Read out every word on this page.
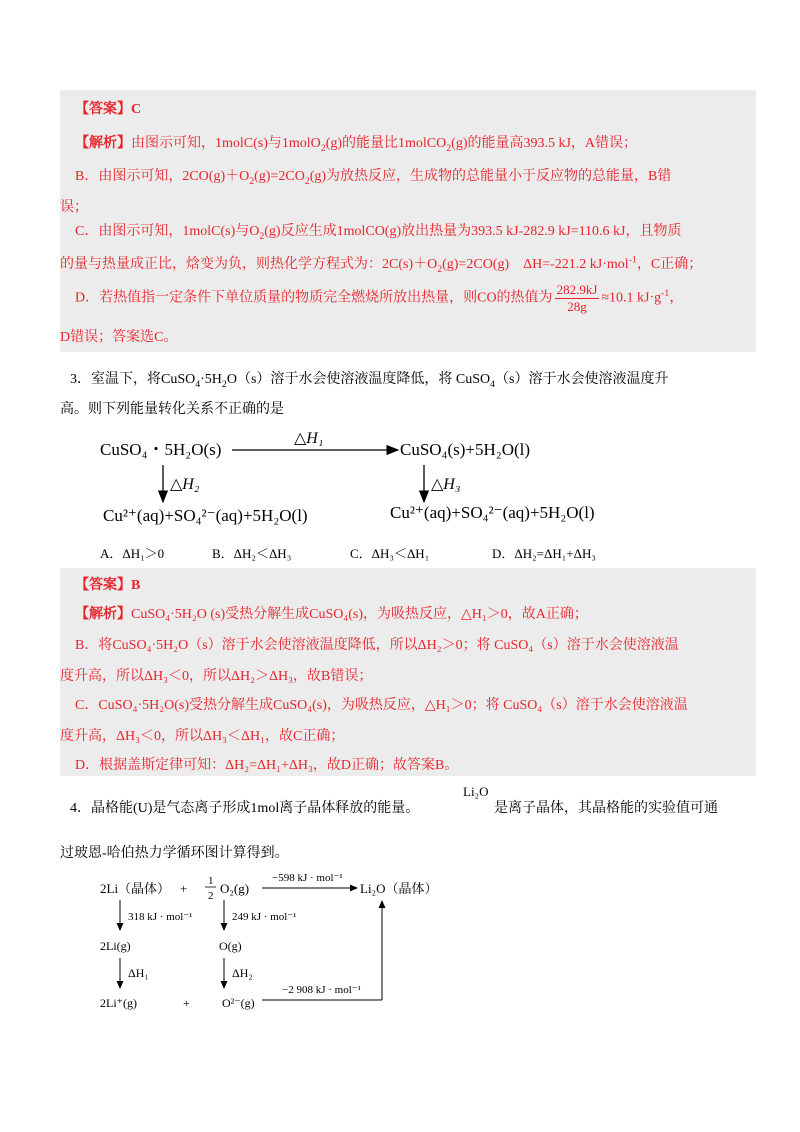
【答案】C
【解析】由图示可知，1molC(s)与1molO$_2$(g)的能量比1molCO$_2$(g)的能量高393.5 kJ，A错误；
B．由图示可知，$2CO(g)+O_2(g)=2CO_2(g)$为放热反应，生成物的总能量小于反应物的总能量，B错
误；
C．由图示可知，1molC(s)与$O_2(g)$反应生成1molCO(g)放出热量为393.5 kJ-282.9 kJ=110.6 kJ，且物质
的量与热量成正比，焓变为负，则热化学方程式为：$2C(s)+O_2(g)=2CO(g)$　ΔH=-221.2 kJ·mol$^{-1}$，C正确；
D．若热值指一定条件下单位质量的物质完全燃烧所放出热量，则CO的热值为 $\frac{282.9kJ}{28g} \approx 10.1$ $kJ\cdot g^{-1}$，
D错误；答案选C。
3．室温下，将$CuSO_4\cdot 5H_2O(s)$溶于水会使溶液温度降低，将 CuSO$_4$（s）溶于水会使溶液温度升
高。则下列能量转化关系不正确的是
CuSO₄・5H₂O(s)
△H₁
CuSO₄(s)+5H₂O(l)
△H₂	△H₃
Cu²⁺(aq)+SO₄²⁻(aq)+5H₂O(l)	Cu²⁺(aq)+SO₄²⁻(aq)+5H₂O(l)
A．ΔH₁＞0	B．ΔH₂＜ΔH₃	C．ΔH₃＜ΔH₁	D．ΔH₂=ΔH₁+ΔH₃
【答案】B
【解析】CuSO₄·5H₂O (s)受热分解生成CuSO₄(s)，为吸热反应，△H₁＞0，故A正确；
B．将CuSO₄·5H₂O（s）溶于水会使溶液温度降低，所以ΔH₂＞0；将 CuSO₄（s）溶于水会使溶液温
度升高，所以ΔH₃＜0，所以ΔH₂＞ΔH₃，故B错误；
C．CuSO₄·5H₂O(s)受热分解生成CuSO₄(s)，为吸热反应，△H₁＞0；将 CuSO₄（s）溶于水会使溶液温
度升高，ΔH₃＜0，所以ΔH₃＜ΔH₁，故C正确；
D．根据盖斯定律可知：ΔH₂=ΔH₁+ΔH₃，故D正确；故答案B。
4．晶格能(U)是气态离子形成1mol离子晶体释放的能量。
Li₂O
是离子晶体，其晶格能的实验值可通
过玻恩-哈伯热力学循环图计算得到。
2Li（晶体） + 1
2 O₂(g)
−598 kJ · mol⁻¹
Li₂O（晶体）
318 kJ · mol⁻¹	249 kJ · mol⁻¹
2Li(g)	O(g)
ΔH₁	ΔH₂
2Li⁺(g)	+	O²⁻(g)
−2 908 kJ · mol⁻¹
